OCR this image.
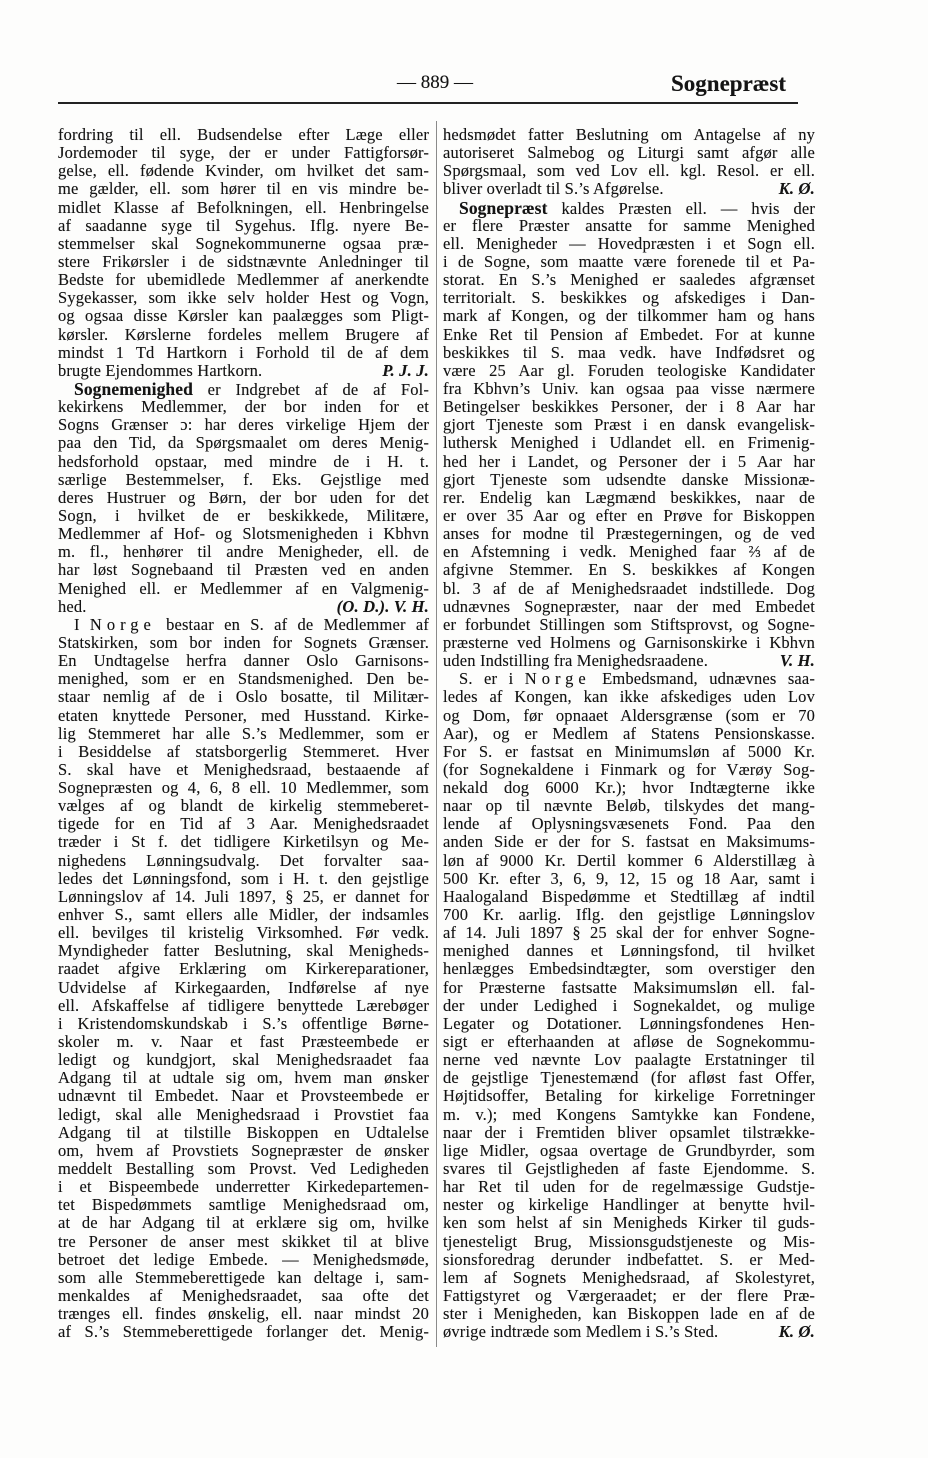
— 889 —	Sognepræst
fordring til ell. Budsendelse efter Læge eller
Jordemoder til syge, der er under Fattigforsør-
gelse, ell. fødende Kvinder, om hvilket det sam-
me gælder, ell. som hører til en vis mindre be-
midlet Klasse af Befolkningen, ell. Henbringelse
af saadanne syge til Sygehus. Iflg. nyere Be-
stemmelser skal Sognekommunerne ogsaa præ-
stere Frikørsler i de sidstnævnte Anledninger til
Bedste for ubemidlede Medlemmer af anerkendte
Sygekasser, som ikke selv holder Hest og Vogn,
og ogsaa disse Kørsler kan paalægges som Pligt-
kørsler. Kørslerne fordeles mellem Brugere af
mindst 1 Td Hartkorn i Forhold til de af dem
brugte Ejendommes Hartkorn.	P. J. J.
Sognemenighed er Indgrebet af de af Fol-
kekirkens Medlemmer, der bor inden for et
Sogns Grænser ɔ: har deres virkelige Hjem der
paa den Tid, da Spørgsmaalet om deres Menig-
hedsforhold opstaar, med mindre de i H. t.
særlige Bestemmelser, f. Eks. Gejstlige med
deres Hustruer og Børn, der bor uden for det
Sogn, i hvilket de er beskikkede, Militære,
Medlemmer af Hof- og Slotsmenigheden i Kbhvn
m. fl., henhører til andre Menigheder, ell. de
har løst Sognebaand til Præsten ved en anden
Menighed ell. er Medlemmer af en Valgmenig-
hed.	(O. D.). V. H.
I Norge bestaar en S. af de Medlemmer af
Statskirken, som bor inden for Sognets Grænser.
En Undtagelse herfra danner Oslo Garnisons-
menighed, som er en Standsmenighed. Den be-
staar nemlig af de i Oslo bosatte, til Militær-
etaten knyttede Personer, med Husstand. Kirke-
lig Stemmeret har alle S.’s Medlemmer, som er
i Besiddelse af statsborgerlig Stemmeret. Hver
S. skal have et Menighedsraad, bestaaende af
Sognepræsten og 4, 6, 8 ell. 10 Medlemmer, som
vælges af og blandt de kirkelig stemmeberet-
tigede for en Tid af 3 Aar. Menighedsraadet
træder i St f. det tidligere Kirketilsyn og Me-
nighedens Lønningsudvalg. Det forvalter saa-
ledes det Lønningsfond, som i H. t. den gejstlige
Lønningslov af 14. Juli 1897, § 25, er dannet for
enhver S., samt ellers alle Midler, der indsamles
ell. bevilges til kristelig Virksomhed. Før vedk.
Myndigheder fatter Beslutning, skal Menigheds-
raadet afgive Erklæring om Kirkereparationer,
Udvidelse af Kirkegaarden, Indførelse af nye
ell. Afskaffelse af tidligere benyttede Lærebøger
i Kristendomskundskab i S.’s offentlige Børne-
skoler m. v. Naar et fast Præsteembede er
ledigt og kundgjort, skal Menighedsraadet faa
Adgang til at udtale sig om, hvem man ønsker
udnævnt til Embedet. Naar et Provsteembede er
ledigt, skal alle Menighedsraad i Provstiet faa
Adgang til at tilstille Biskoppen en Udtalelse
om, hvem af Provstiets Sognepræster de ønsker
meddelt Bestalling som Provst. Ved Ledigheden
i et Bispeembede underretter Kirkedepartemen-
tet Bispedømmets samtlige Menighedsraad om,
at de har Adgang til at erklære sig om, hvilke
tre Personer de anser mest skikket til at blive
betroet det ledige Embede. — Menighedsmøde,
som alle Stemmeberettigede kan deltage i, sam-
menkaldes af Menighedsraadet, saa ofte det
trænges ell. findes ønskelig, ell. naar mindst 20
af S.’s Stemmeberettigede forlanger det. Menig-
hedsmødet fatter Beslutning om Antagelse af ny
autoriseret Salmebog og Liturgi samt afgør alle
Spørgsmaal, som ved Lov ell. kgl. Resol. er ell.
bliver overladt til S.’s Afgørelse.	K. Ø.
Sognepræst kaldes Præsten ell. — hvis der
er flere Præster ansatte for samme Menighed
ell. Menigheder — Hovedpræsten i et Sogn ell.
i de Sogne, som maatte være forenede til et Pa-
storat. En S.’s Menighed er saaledes afgrænset
territorialt. S. beskikkes og afskediges i Dan-
mark af Kongen, og der tilkommer ham og hans
Enke Ret til Pension af Embedet. For at kunne
beskikkes til S. maa vedk. have Indfødsret og
være 25 Aar gl. Foruden teologiske Kandidater
fra Kbhvn’s Univ. kan ogsaa paa visse nærmere
Betingelser beskikkes Personer, der i 8 Aar har
gjort Tjeneste som Præst i en dansk evangelisk-
luthersk Menighed i Udlandet ell. en Frimenig-
hed her i Landet, og Personer der i 5 Aar har
gjort Tjeneste som udsendte danske Missionæ-
rer. Endelig kan Lægmænd beskikkes, naar de
er over 35 Aar og efter en Prøve for Biskoppen
anses for modne til Præstegerningen, og de ved
en Afstemning i vedk. Menighed faar ⅔ af de
afgivne Stemmer. En S. beskikkes af Kongen
bl. 3 af de af Menighedsraadet indstillede. Dog
udnævnes Sognepræster, naar der med Embedet
er forbundet Stillingen som Stiftsprovst, og Sogne-
præsterne ved Holmens og Garnisonskirke i Kbhvn
uden Indstilling fra Menighedsraadene.	V. H.
S. er i Norge Embedsmand, udnævnes saa-
ledes af Kongen, kan ikke afskediges uden Lov
og Dom, før opnaaet Aldersgrænse (som er 70
Aar), og er Medlem af Statens Pensionskasse.
For S. er fastsat en Minimumsløn af 5000 Kr.
(for Sognekaldene i Finmark og for Værøy Sog-
nekald dog 6000 Kr.); hvor Indtægterne ikke
naar op til nævnte Beløb, tilskydes det mang-
lende af Oplysningsvæsenets Fond. Paa den
anden Side er der for S. fastsat en Maksimums-
løn af 9000 Kr. Dertil kommer 6 Alderstillæg à
500 Kr. efter 3, 6, 9, 12, 15 og 18 Aar, samt i
Haalogaland Bispedømme et Stedtillæg af indtil
700 Kr. aarlig. Iflg. den gejstlige Lønningslov
af 14. Juli 1897 § 25 skal der for enhver Sogne-
menighed dannes et Lønningsfond, til hvilket
henlægges Embedsindtægter, som overstiger den
for Præsterne fastsatte Maksimumsløn ell. fal-
der under Ledighed i Sognekaldet, og mulige
Legater og Dotationer. Lønningsfondenes Hen-
sigt er efterhaanden at afløse de Sognekommu-
nerne ved nævnte Lov paalagte Erstatninger til
de gejstlige Tjenestemænd (for afløst fast Offer,
Højtidsoffer, Betaling for kirkelige Forretninger
m. v.); med Kongens Samtykke kan Fondene,
naar der i Fremtiden bliver opsamlet tilstrække-
lige Midler, ogsaa overtage de Grundbyrder, som
svares til Gejstligheden af faste Ejendomme. S.
har Ret til uden for de regelmæssige Gudstje-
nester og kirkelige Handlinger at benytte hvil-
ken som helst af sin Menigheds Kirker til guds-
tjenesteligt Brug, Missionsgudstjeneste og Mis-
sionsforedrag derunder indbefattet. S. er Med-
lem af Sognets Menighedsraad, af Skolestyret,
Fattigstyret og Værgeraadet; er der flere Præ-
ster i Menigheden, kan Biskoppen lade en af de
øvrige indtræde som Medlem i S.’s Sted.	K. Ø.
